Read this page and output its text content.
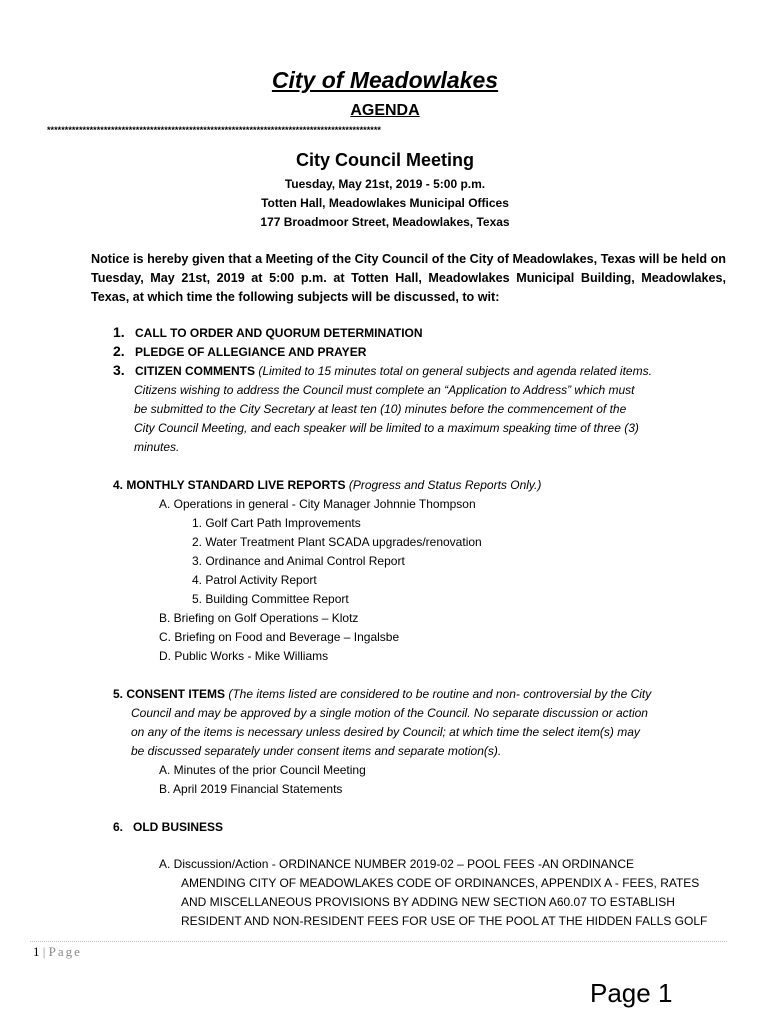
City of Meadowlakes
AGENDA
**********************************************************************************************
City Council Meeting
Tuesday, May 21st, 2019 - 5:00 p.m.
Totten Hall, Meadowlakes Municipal Offices
177 Broadmoor Street, Meadowlakes, Texas
Notice is hereby given that a Meeting of the City Council of the City of Meadowlakes, Texas will be held on Tuesday, May 21st, 2019 at 5:00 p.m. at Totten Hall, Meadowlakes Municipal Building, Meadowlakes, Texas, at which time the following subjects will be discussed, to wit:
1. CALL TO ORDER AND QUORUM DETERMINATION
2. PLEDGE OF ALLEGIANCE AND PRAYER
3. CITIZEN COMMENTS (Limited to 15 minutes total on general subjects and agenda related items.
Citizens wishing to address the Council must complete an “Application to Address” which must
be submitted to the City Secretary at least ten (10) minutes before the commencement of the
City Council Meeting, and each speaker will be limited to a maximum speaking time of three (3)
minutes.
4. MONTHLY STANDARD LIVE REPORTS (Progress and Status Reports Only.)
A. Operations in general - City Manager Johnnie Thompson
1. Golf Cart Path Improvements
2. Water Treatment Plant SCADA upgrades/renovation
3. Ordinance and Animal Control Report
4. Patrol Activity Report
5. Building Committee Report
B. Briefing on Golf Operations – Klotz
C. Briefing on Food and Beverage – Ingalsbe
D. Public Works - Mike Williams
5. CONSENT ITEMS (The items listed are considered to be routine and non- controversial by the City
Council and may be approved by a single motion of the Council. No separate discussion or action
on any of the items is necessary unless desired by Council; at which time the select item(s) may
be discussed separately under consent items and separate motion(s).
A. Minutes of the prior Council Meeting
B. April 2019 Financial Statements
6.   OLD BUSINESS
A. Discussion/Action - ORDINANCE NUMBER 2019-02 – POOL FEES -AN ORDINANCE
AMENDING CITY OF MEADOWLAKES CODE OF ORDINANCES, APPENDIX A - FEES, RATES
AND MISCELLANEOUS PROVISIONS BY ADDING NEW SECTION A60.07 TO ESTABLISH
RESIDENT AND NON-RESIDENT FEES FOR USE OF THE POOL AT THE HIDDEN FALLS GOLF
1 | Page
Page 1
